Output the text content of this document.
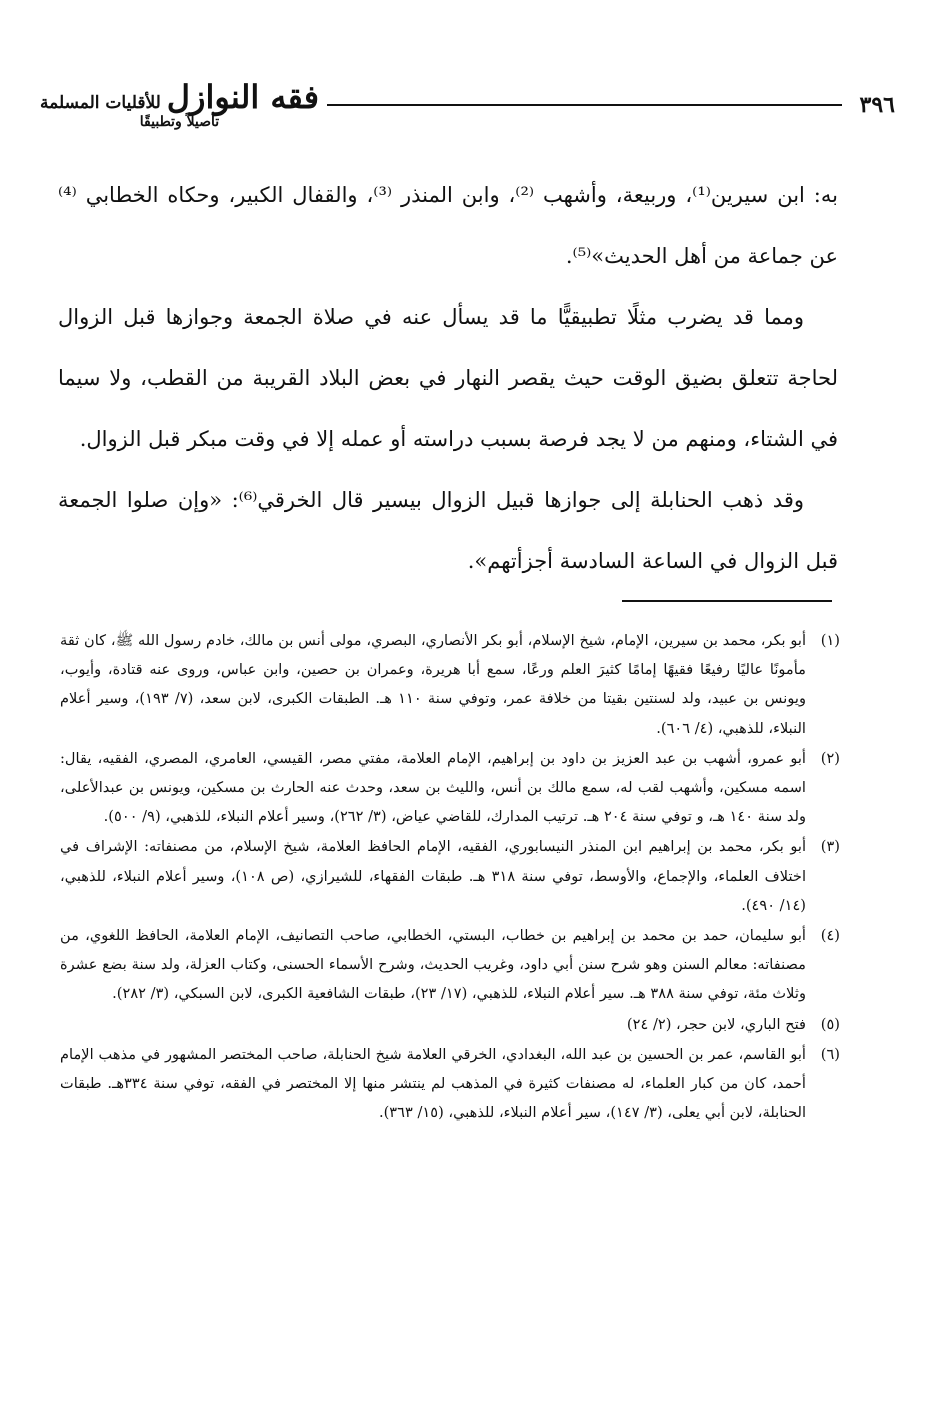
٣٩٦
فقه النوازل
للأقليات المسلمة
تأصيلاً وتطبيقًا

به: ابن سيرين⁽¹⁾، وربيعة، وأشهب ⁽²⁾، وابن المنذر ⁽³⁾، والقفال الكبير، وحكاه الخطابي ⁽⁴⁾ عن جماعة من أهل الحديث»⁽⁵⁾.

ومما قد يضرب مثلًا تطبيقيًّا ما قد يسأل عنه في صلاة الجمعة وجوازها قبل الزوال لحاجة تتعلق بضيق الوقت حيث يقصر النهار في بعض البلاد القريبة من القطب، ولا سيما في الشتاء، ومنهم من لا يجد فرصة بسبب دراسته أو عمله إلا في وقت مبكر قبل الزوال.

وقد ذهب الحنابلة إلى جوازها قبيل الزوال بيسير قال الخرقي⁽⁶⁾: «وإن صلوا الجمعة قبل الزوال في الساعة السادسة أجزأتهم».

(١)
أبو بكر، محمد بن سيرين، الإمام، شيخ الإسلام، أبو بكر الأنصاري، البصري، مولى أنس بن مالك، خادم رسول الله ﷺ، كان ثقة مأمونًا عاليًا رفيعًا فقيهًا إمامًا كثيرَ العلم ورعًا، سمع أبا هريرة، وعمران بن حصين، وابن عباس، وروى عنه قتادة، وأيوب، ويونس بن عبيد، ولد لسنتين بقيتا من خلافة عمر، وتوفي سنة ١١٠ هـ. الطبقات الكبرى، لابن سعد، (٧/ ١٩٣)، وسير أعلام النبلاء، للذهبي، (٤/ ٦٠٦).

(٢)
أبو عمرو، أشهب بن عبد العزيز بن داود بن إبراهيم، الإمام العلامة، مفتي مصر، القيسي، العامري، المصري، الفقيه، يقال: اسمه مسكين، وأشهب لقب له، سمع مالك بن أنس، والليث بن سعد، وحدث عنه الحارث بن مسكين، ويونس بن عبدالأعلى، ولد سنة ١٤٠ هـ، و توفي سنة ٢٠٤ هـ. ترتيب المدارك، للقاضي عياض، (٣/ ٢٦٢)، وسير أعلام النبلاء، للذهبي، (٩/ ٥٠٠).

(٣)
أبو بكر، محمد بن إبراهيم ابن المنذر النيسابوري، الفقيه، الإمام الحافظ العلامة، شيخ الإسلام، من مصنفاته: الإشراف في اختلاف العلماء، والإجماع، والأوسط، توفي سنة ٣١٨ هـ. طبقات الفقهاء، للشيرازي، (ص ١٠٨)، وسير أعلام النبلاء، للذهبي، (١٤/ ٤٩٠).

(٤)
أبو سليمان، حمد بن محمد بن إبراهيم بن خطاب، البستي، الخطابي، صاحب التصانيف، الإمام العلامة، الحافظ اللغوي، من مصنفاته: معالم السنن وهو شرح سنن أبي داود، وغريب الحديث، وشرح الأسماء الحسنى، وكتاب العزلة، ولد سنة بضع عشرة وثلاث مئة، توفي سنة ٣٨٨ هـ. سير أعلام النبلاء، للذهبي، (١٧/ ٢٣)، طبقات الشافعية الكبرى، لابن السبكي، (٣/ ٢٨٢).

(٥)
فتح الباري، لابن حجر، (٢/ ٢٤)

(٦)
أبو القاسم، عمر بن الحسين بن عبد الله، البغدادي، الخرقي العلامة شيخ الحنابلة، صاحب المختصر المشهور في مذهب الإمام أحمد، كان من كبار العلماء، له مصنفات كثيرة في المذهب لم ينتشر منها إلا المختصر في الفقه، توفي سنة ٣٣٤هـ. طبقات الحنابلة، لابن أبي يعلى، (٣/ ١٤٧)، سير أعلام النبلاء، للذهبي، (١٥/ ٣٦٣).
